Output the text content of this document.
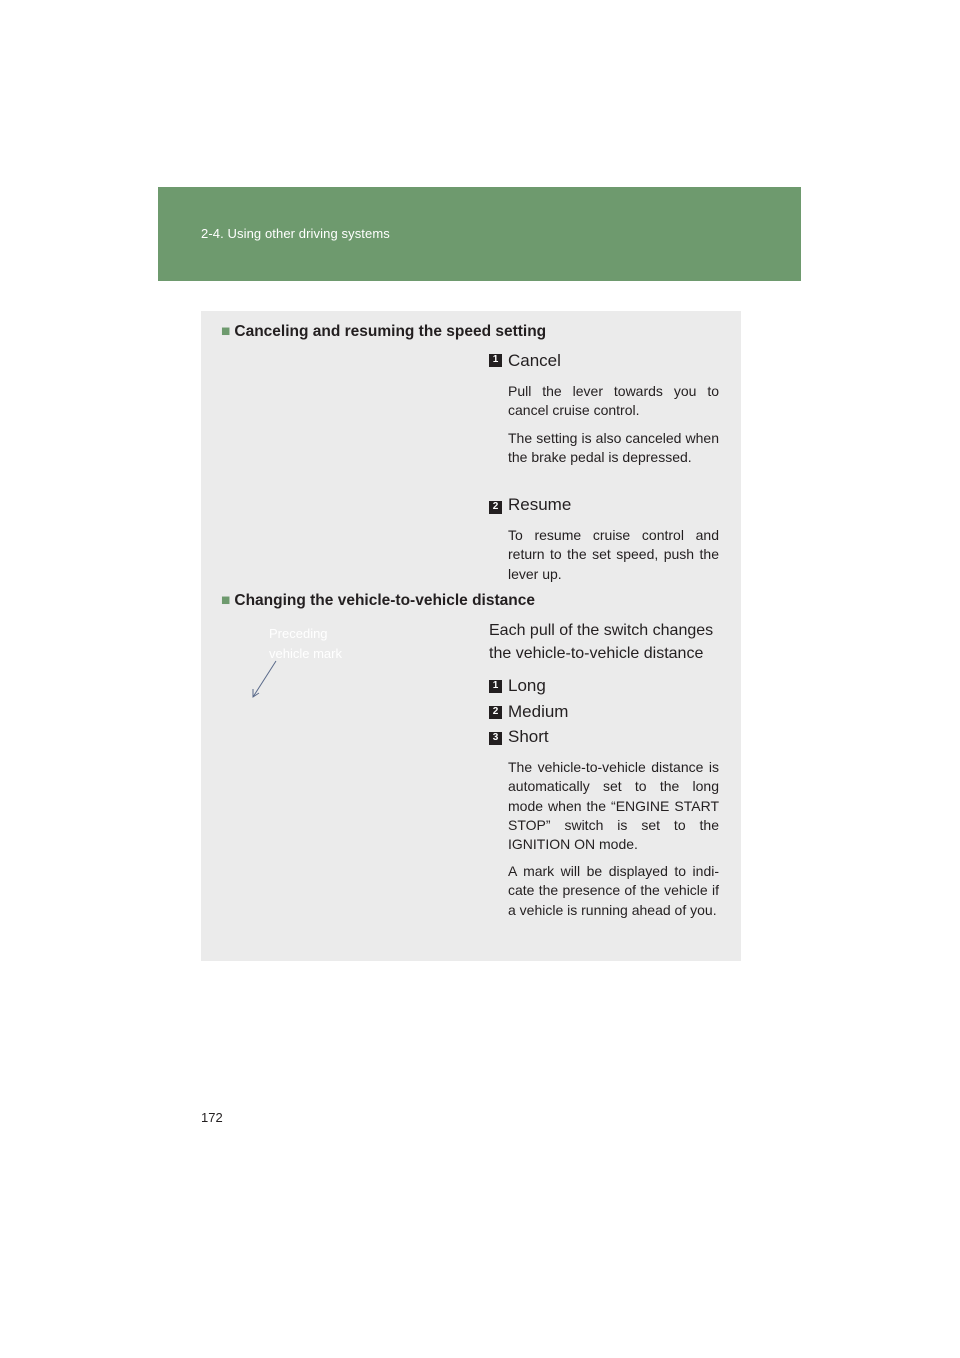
2-4. Using other driving systems
■ Canceling and resuming the speed setting
1 Cancel

Pull the lever towards you to cancel cruise control.

The setting is also canceled when the brake pedal is depressed.

2 Resume

To resume cruise control and return to the set speed, push the lever up.

■ Changing the vehicle-to-vehicle distance

Preceding vehicle mark

Each pull of the switch changes the vehicle-to-vehicle distance

1 Long
2 Medium
3 Short

The vehicle-to-vehicle distance is automatically set to the long mode when the “ENGINE START STOP” switch is set to the IGNITION ON mode.

A mark will be displayed to indi-cate the presence of the vehicle if a vehicle is running ahead of you.

172
